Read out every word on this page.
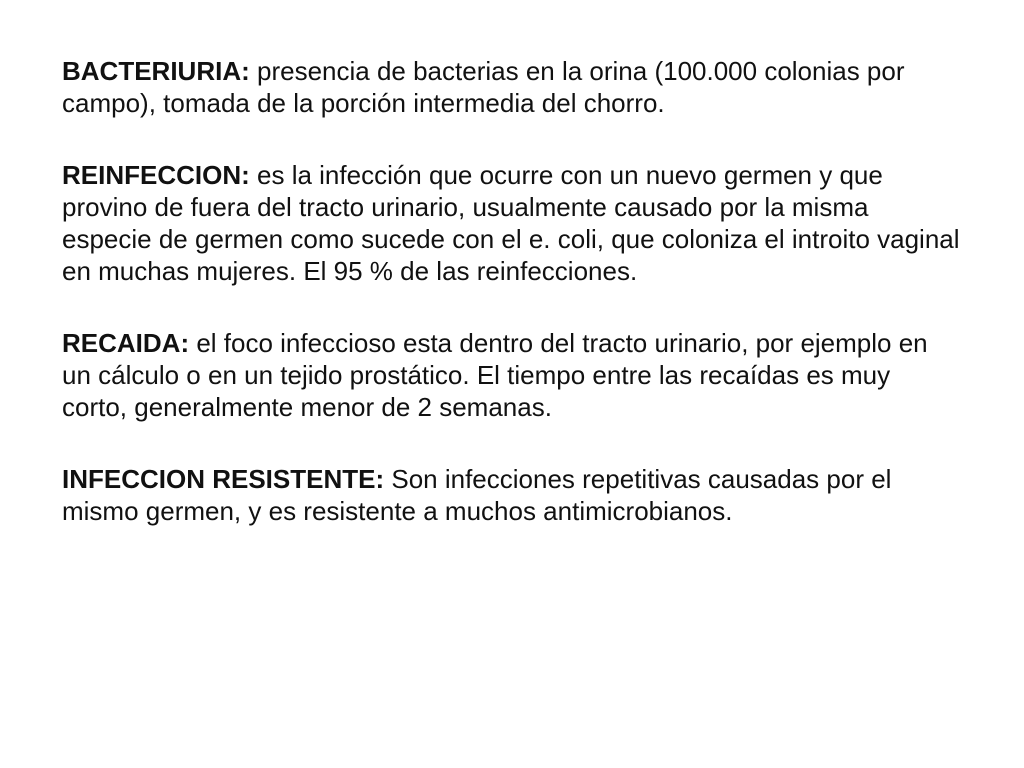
BACTERIURIA: presencia de bacterias en la orina (100.000 colonias por campo), tomada de la porción intermedia del chorro.

REINFECCION: es la infección que ocurre con un nuevo germen y que provino de fuera del tracto urinario, usualmente causado por la misma especie de germen como sucede con el e. coli, que coloniza el introito vaginal en muchas mujeres. El 95 % de las reinfecciones.

RECAIDA: el foco infeccioso esta dentro del tracto urinario, por ejemplo en un cálculo o en un tejido prostático. El tiempo entre las recaídas es muy corto, generalmente menor de 2 semanas.

INFECCION RESISTENTE: Son infecciones repetitivas causadas por el mismo germen, y es resistente a muchos antimicrobianos.
